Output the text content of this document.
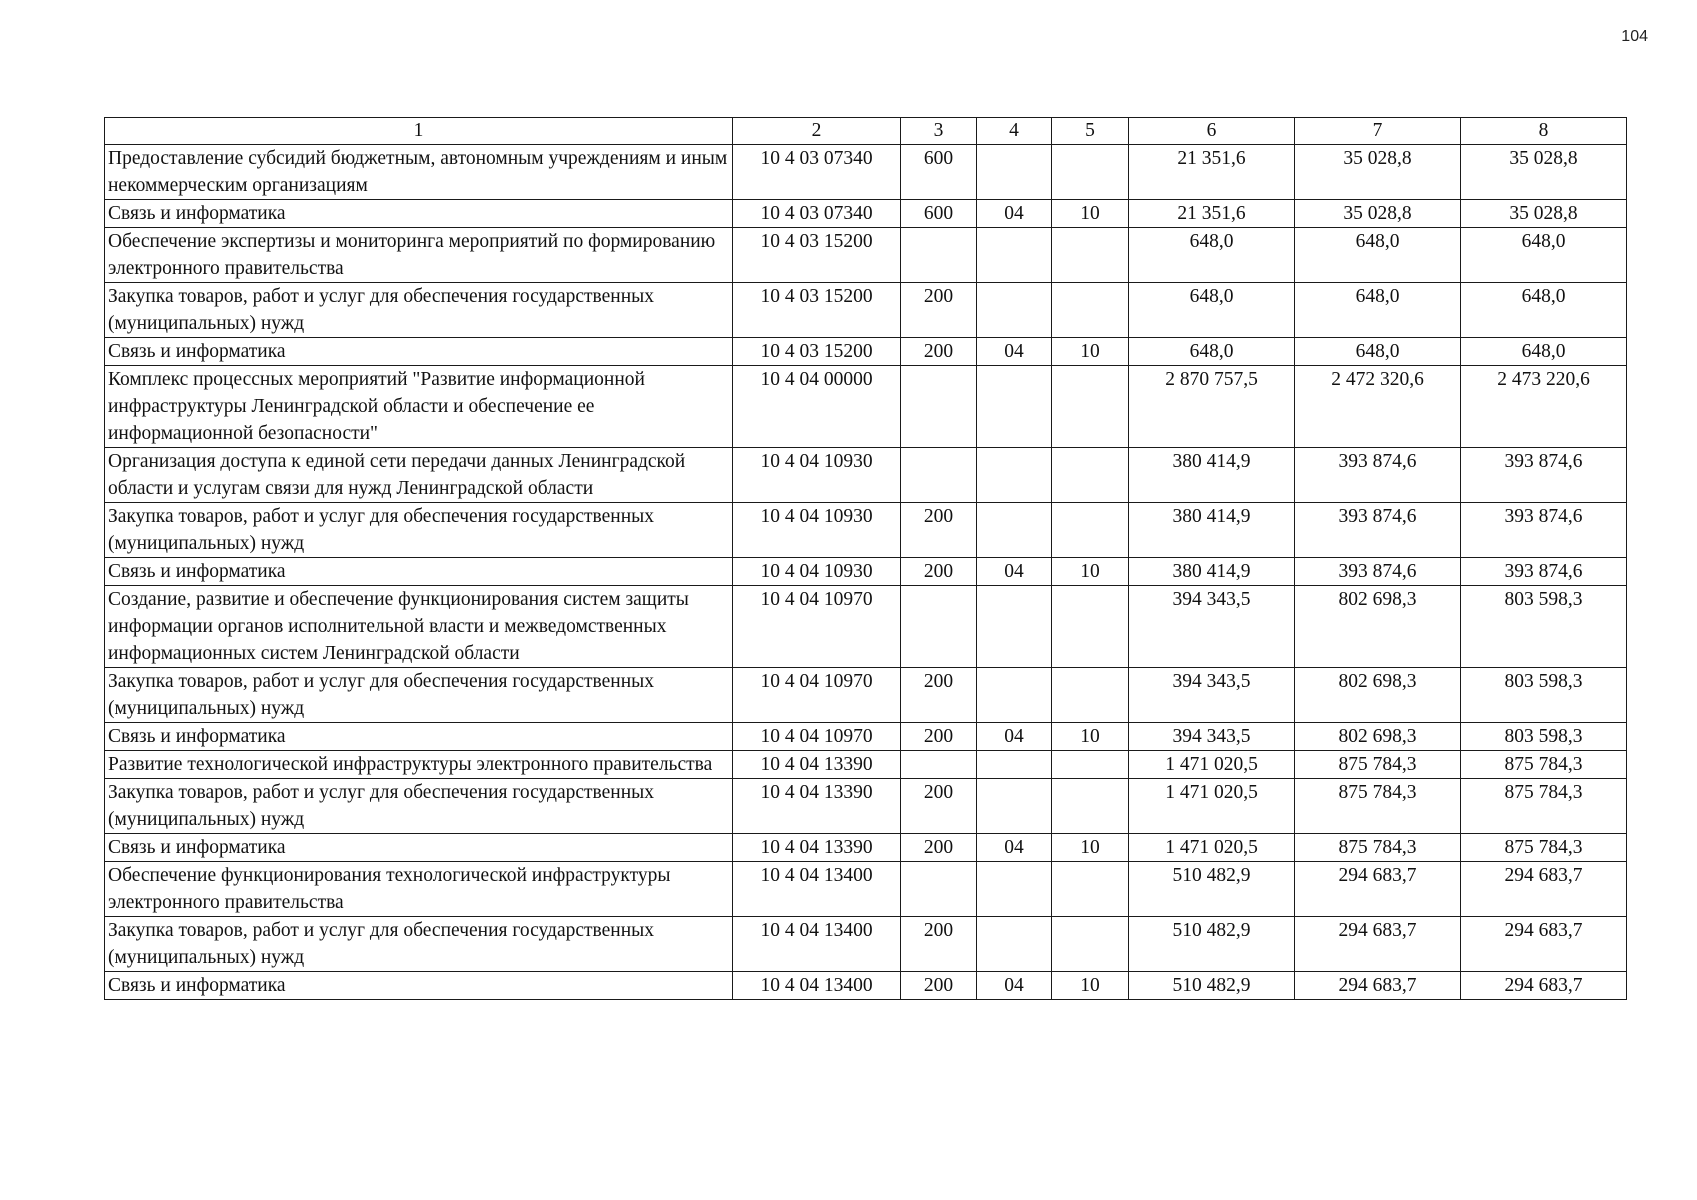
104
1	2	3	4	5	6	7	8
Предоставление субсидий бюджетным, автономным учреждениям и иным некоммерческим организациям	10 4 03 07340	600			21 351,6	35 028,8	35 028,8
Связь и информатика	10 4 03 07340	600	04	10	21 351,6	35 028,8	35 028,8
Обеспечение экспертизы и мониторинга мероприятий по формированию электронного правительства	10 4 03 15200				648,0	648,0	648,0
Закупка товаров, работ и услуг для обеспечения государственных (муниципальных) нужд	10 4 03 15200	200			648,0	648,0	648,0
Связь и информатика	10 4 03 15200	200	04	10	648,0	648,0	648,0
Комплекс процессных мероприятий "Развитие информационной инфраструктуры Ленинградской области и обеспечение ее информационной безопасности"	10 4 04 00000				2 870 757,5	2 472 320,6	2 473 220,6
Организация доступа к единой сети передачи данных Ленинградской области и услугам связи для нужд Ленинградской области	10 4 04 10930				380 414,9	393 874,6	393 874,6
Закупка товаров, работ и услуг для обеспечения государственных (муниципальных) нужд	10 4 04 10930	200			380 414,9	393 874,6	393 874,6
Связь и информатика	10 4 04 10930	200	04	10	380 414,9	393 874,6	393 874,6
Создание, развитие и обеспечение функционирования систем защиты информации органов исполнительной власти и межведомственных информационных систем Ленинградской области	10 4 04 10970				394 343,5	802 698,3	803 598,3
Закупка товаров, работ и услуг для обеспечения государственных (муниципальных) нужд	10 4 04 10970	200			394 343,5	802 698,3	803 598,3
Связь и информатика	10 4 04 10970	200	04	10	394 343,5	802 698,3	803 598,3
Развитие технологической инфраструктуры электронного правительства	10 4 04 13390				1 471 020,5	875 784,3	875 784,3
Закупка товаров, работ и услуг для обеспечения государственных (муниципальных) нужд	10 4 04 13390	200			1 471 020,5	875 784,3	875 784,3
Связь и информатика	10 4 04 13390	200	04	10	1 471 020,5	875 784,3	875 784,3
Обеспечение функционирования технологической инфраструктуры электронного правительства	10 4 04 13400				510 482,9	294 683,7	294 683,7
Закупка товаров, работ и услуг для обеспечения государственных (муниципальных) нужд	10 4 04 13400	200			510 482,9	294 683,7	294 683,7
Связь и информатика	10 4 04 13400	200	04	10	510 482,9	294 683,7	294 683,7
